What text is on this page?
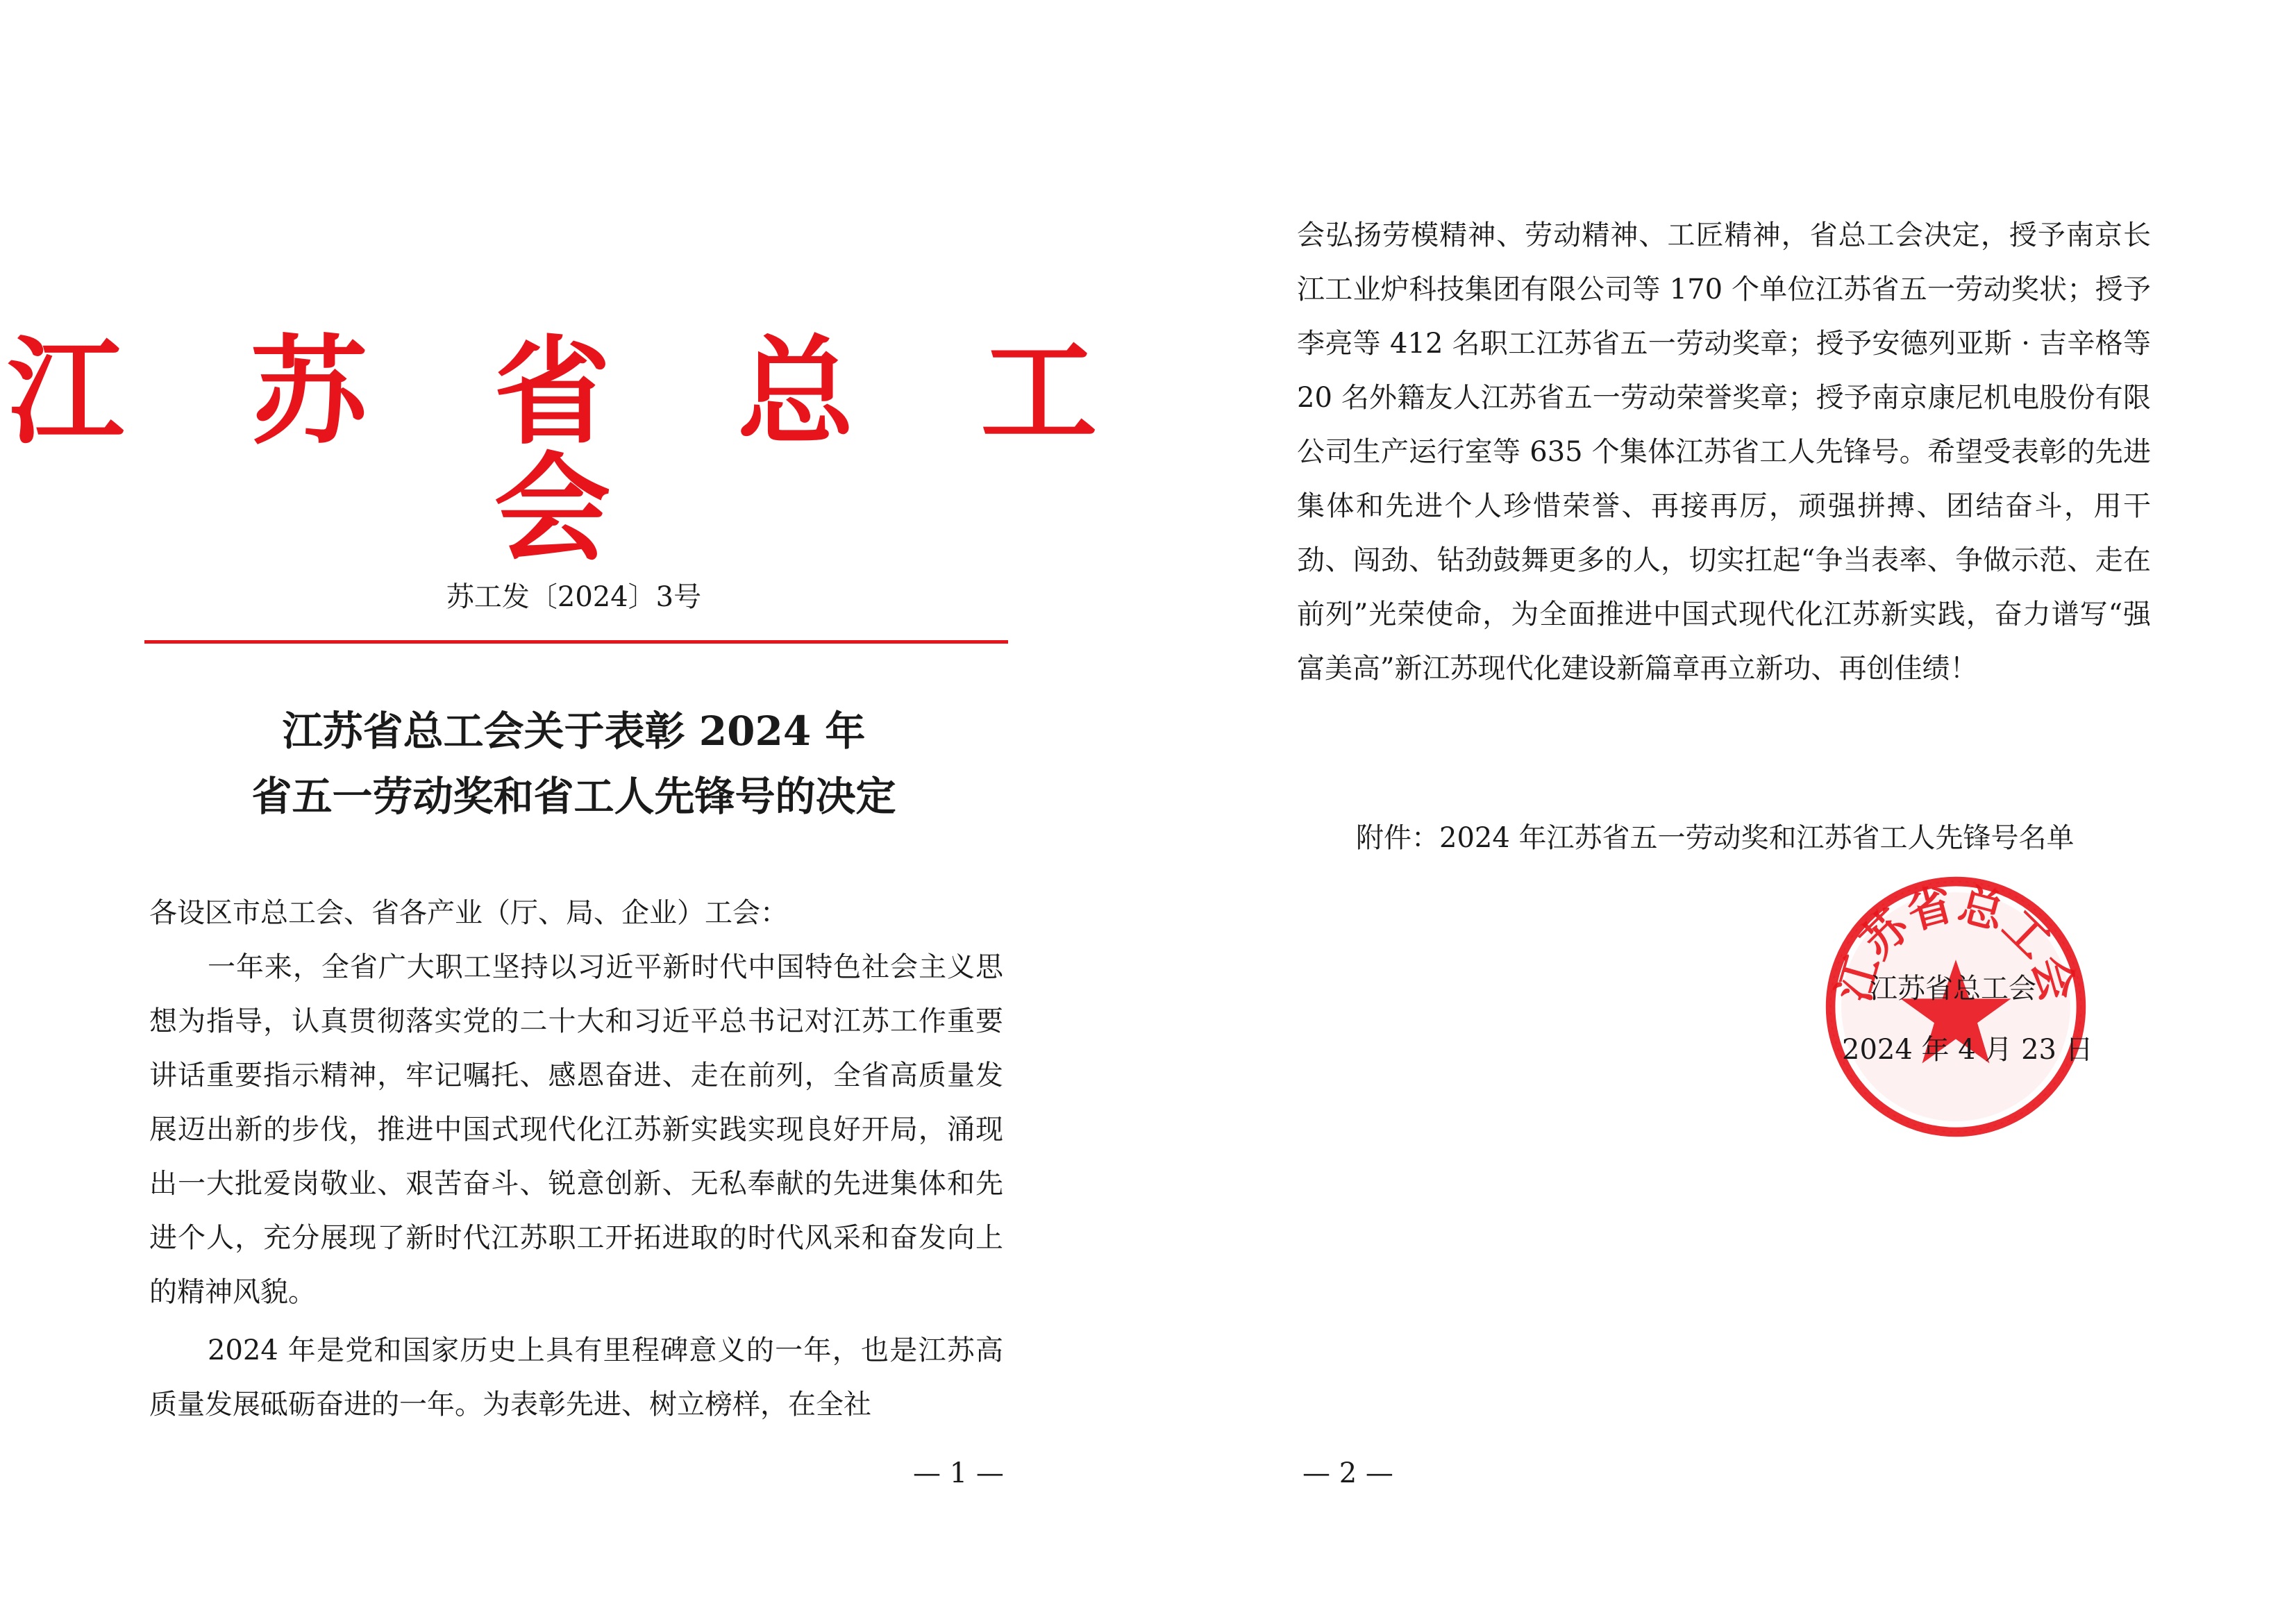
江 苏 省 总 工 会
苏工发〔2024〕3号
江苏省总工会关于表彰 2024 年
省五一劳动奖和省工人先锋号的决定

各设区市总工会、省各产业（厅、局、企业）工会：

一年来，全省广大职工坚持以习近平新时代中国特色社会主义思想为指导，认真贯彻落实党的二十大和习近平总书记对江苏工作重要讲话重要指示精神，牢记嘱托、感恩奋进、走在前列，全省高质量发展迈出新的步伐，推进中国式现代化江苏新实践实现良好开局，涌现出一大批爱岗敬业、艰苦奋斗、锐意创新、无私奉献的先进集体和先进个人，充分展现了新时代江苏职工开拓进取的时代风采和奋发向上的精神风貌。

2024 年是党和国家历史上具有里程碑意义的一年，也是江苏高质量发展砥砺奋进的一年。为表彰先进、树立榜样，在全社

— 1 —

会弘扬劳模精神、劳动精神、工匠精神，省总工会决定，授予南京长江工业炉科技集团有限公司等 170 个单位江苏省五一劳动奖状；授予李亮等 412 名职工江苏省五一劳动奖章；授予安德列亚斯 · 吉辛格等 20 名外籍友人江苏省五一劳动荣誉奖章；授予南京康尼机电股份有限公司生产运行室等 635 个集体江苏省工人先锋号。希望受表彰的先进集体和先进个人珍惜荣誉、再接再厉，顽强拼搏、团结奋斗，用干劲、闯劲、钻劲鼓舞更多的人，切实扛起“争当表率、争做示范、走在前列”光荣使命，为全面推进中国式现代化江苏新实践，奋力谱写“强富美高”新江苏现代化建设新篇章再立新功、再创佳绩！

附件：2024 年江苏省五一劳动奖和江苏省工人先锋号名单
江苏省总工会
江苏省总工会
2024 年 4 月 23 日
— 2 —
